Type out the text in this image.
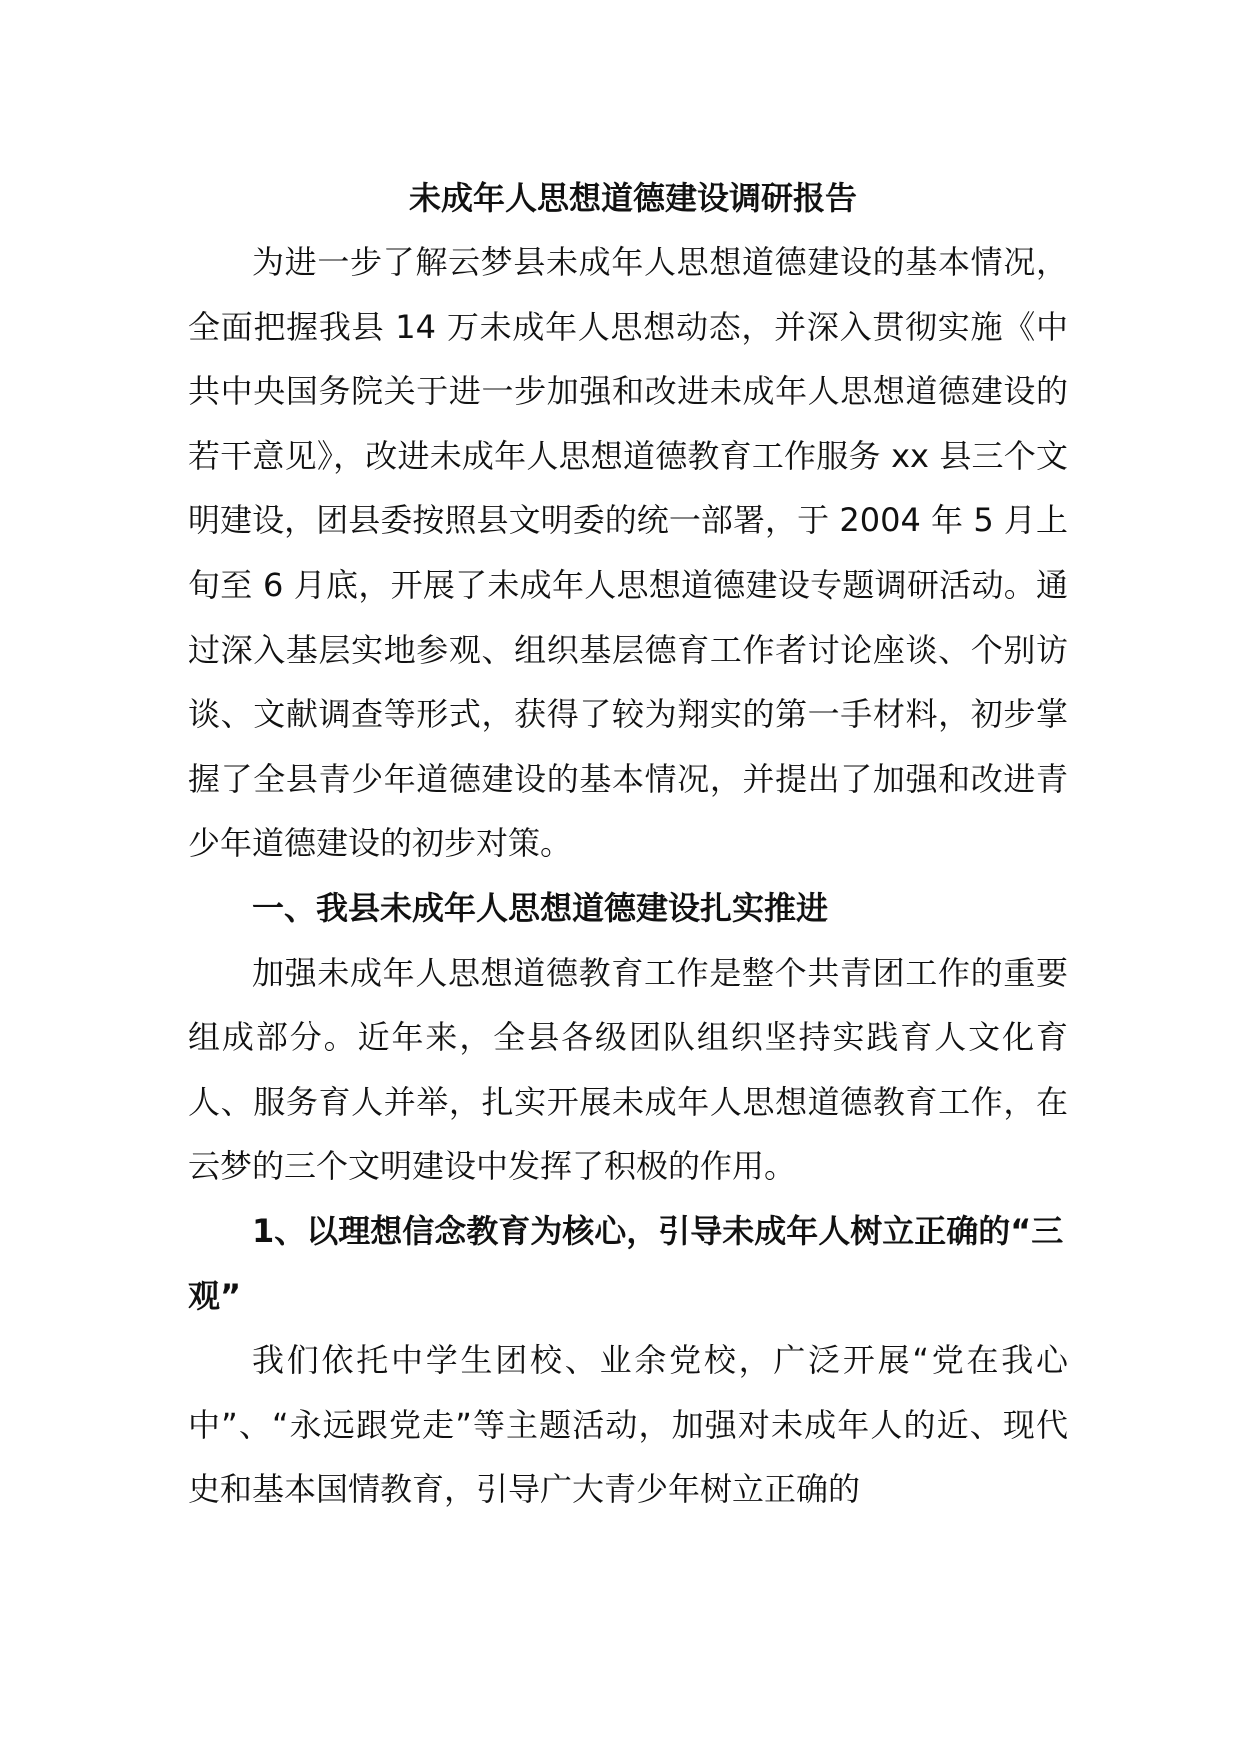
未成年人思想道德建设调研报告

为进一步了解云梦县未成年人思想道德建设的基本情况，全面把握我县 14 万未成年人思想动态，并深入贯彻实施《中共中央国务院关于进一步加强和改进未成年人思想道德建设的若干意见》，改进未成年人思想道德教育工作服务 xx 县三个文明建设，团县委按照县文明委的统一部署，于 2004 年 5 月上旬至 6 月底，开展了未成年人思想道德建设专题调研活动。通过深入基层实地参观、组织基层德育工作者讨论座谈、个别访谈、文献调查等形式，获得了较为翔实的第一手材料，初步掌握了全县青少年道德建设的基本情况，并提出了加强和改进青少年道德建设的初步对策。

一、我县未成年人思想道德建设扎实推进

加强未成年人思想道德教育工作是整个共青团工作的重要组成部分。近年来，全县各级团队组织坚持实践育人文化育人、服务育人并举，扎实开展未成年人思想道德教育工作，在云梦的三个文明建设中发挥了积极的作用。

1、以理想信念教育为核心，引导未成年人树立正确的“三观”

我们依托中学生团校、业余党校，广泛开展“党在我心中”、“永远跟党走”等主题活动，加强对未成年人的近、现代史和基本国情教育，引导广大青少年树立正确的
